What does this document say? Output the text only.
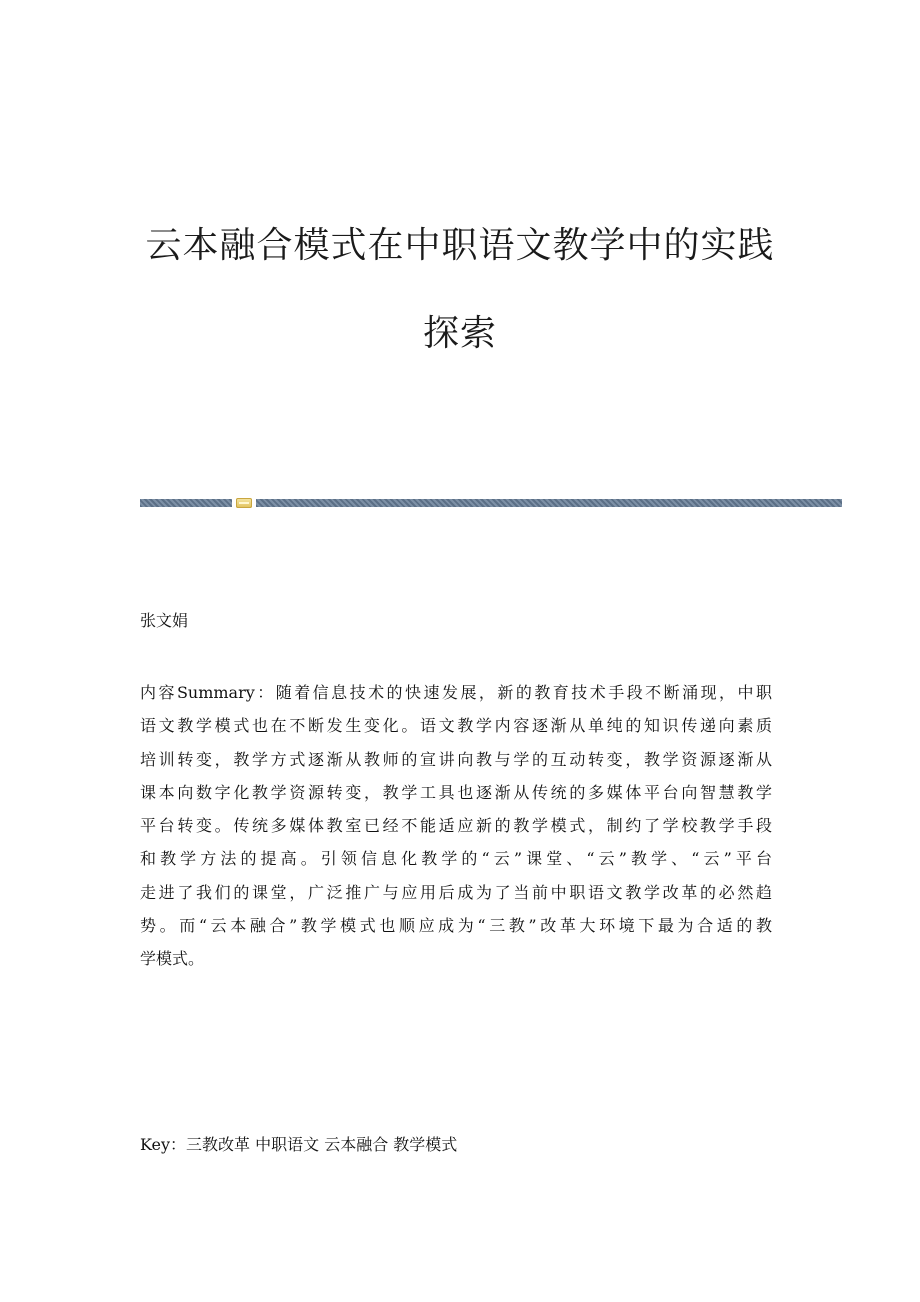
云本融合模式在中职语文教学中的实践
探索
张文娟
内容Summary：随着信息技术的快速发展，新的教育技术手段不断涌现，中职
语文教学模式也在不断发生变化。语文教学内容逐渐从单纯的知识传递向素质
培训转变，教学方式逐渐从教师的宣讲向教与学的互动转变，教学资源逐渐从
课本向数字化教学资源转变，教学工具也逐渐从传统的多媒体平台向智慧教学
平台转变。传统多媒体教室已经不能适应新的教学模式，制约了学校教学手段
和教学方法的提高。引领信息化教学的“云”课堂、“云”教学、“云”平台
走进了我们的课堂，广泛推广与应用后成为了当前中职语文教学改革的必然趋
势。而“云本融合”教学模式也顺应成为“三教”改革大环境下最为合适的教
学模式。
Key：三教改革 中职语文 云本融合 教学模式
